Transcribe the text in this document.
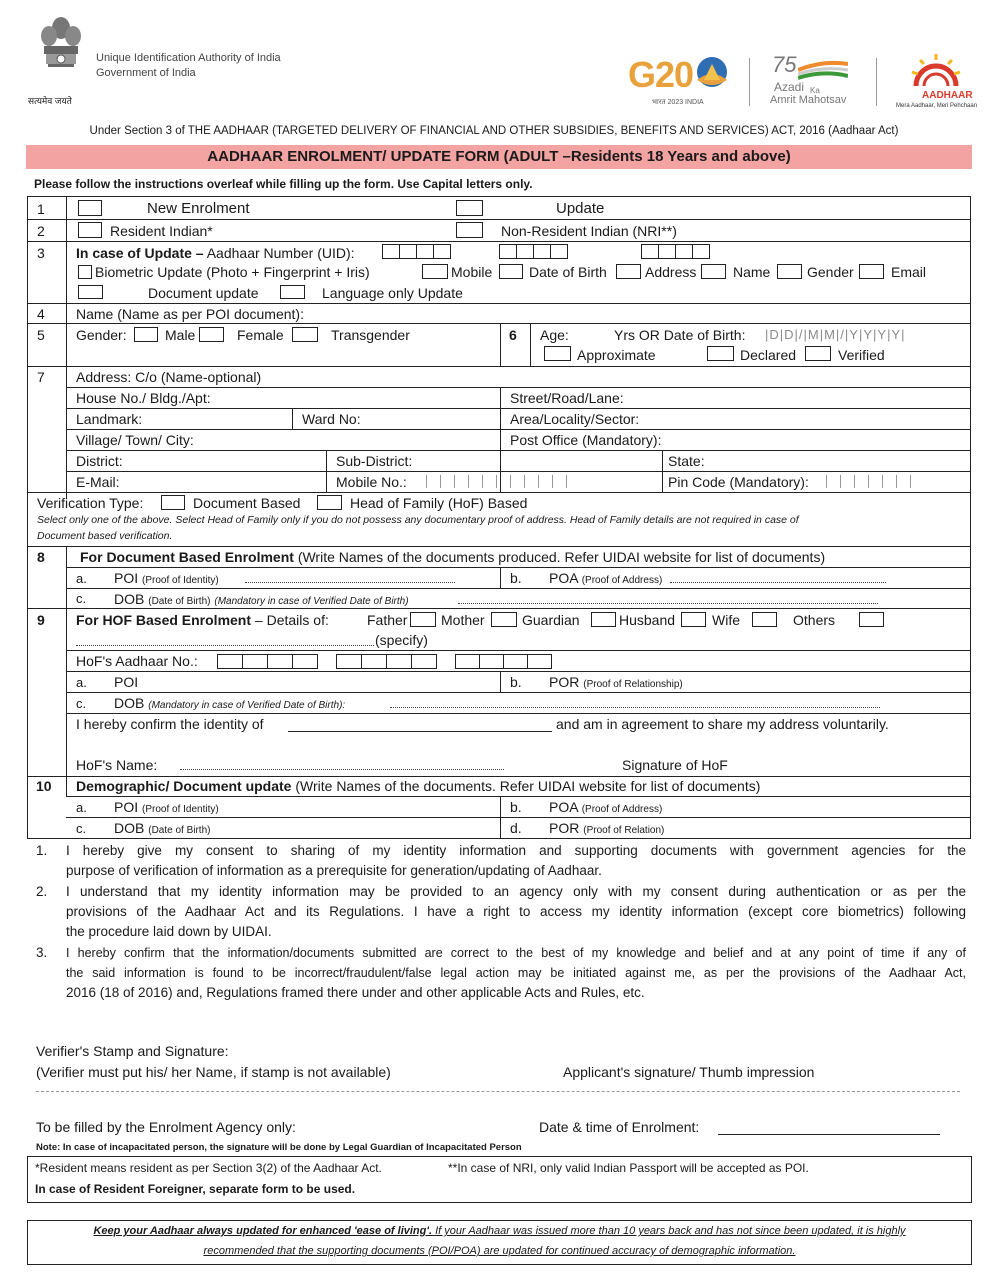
सत्यमेव जयते
Unique Identification Authority of India
Government of India	G20
भारत 2023 INDIA
75
Azadi Ka
Amrit Mahotsav	AADHAAR
Mera Aadhaar, Meri Pehchaan
Under Section 3 of THE AADHAAR (TARGETED DELIVERY OF FINANCIAL AND OTHER SUBSIDIES, BENEFITS AND SERVICES) ACT, 2016 (Aadhaar Act)
AADHAAR ENROLMENT/ UPDATE FORM (ADULT –Residents 18 Years and above)
Please follow the instructions overleaf while filling up the form. Use Capital letters only.
1	New Enrolment	Update
2	Resident Indian*	Non-Resident Indian (NRI**)
3 In case of Update – Aadhaar Number (UID):
Biometric Update (Photo + Fingerprint + Iris)	Mobile	Date of Birth	Address	Name	Gender	Email
Document update	Language only Update
4 Name (Name as per POI document):
5 Gender:	Male	Female	Transgender	6 Age:	Yrs OR Date of Birth: |D|D|/|M|M|/|Y|Y|Y|Y|
Approximate	Declared	Verified
7 Address: C/o (Name-optional)
House No./ Bldg./Apt:	Street/Road/Lane:
Landmark:	Ward No:	Area/Locality/Sector:
Village/ Town/ City:	Post Office (Mandatory):
District:	Sub-District:	State:
E-Mail:	Mobile No.:	Pin Code (Mandatory):
Verification Type:	Document Based	Head of Family (HoF) Based
Select only one of the above. Select Head of Family only if you do not possess any documentary proof of address. Head of Family details are not required in case of
Document based verification.
8	For Document Based Enrolment (Write Names of the documents produced. Refer UIDAI website for list of documents)
a. POI (Proof of Identity)	b. POA (Proof of Address)
c. DOB (Date of Birth) (Mandatory in case of Verified Date of Birth)
9 For HOF Based Enrolment – Details of:	Father Mother	Guardian	Husband	Wife	Others
(specify)
HoF's Aadhaar No.:
a. POI	b. POR (Proof of Relationship)
c. DOB (Mandatory in case of Verified Date of Birth):
I hereby confirm the identity of	and am in agreement to share my address voluntarily.
HoF's Name:	Signature of HoF
10 Demographic/ Document update (Write Names of the documents. Refer UIDAI website for list of documents)
a. POI (Proof of Identity)	b. POA (Proof of Address)
c. DOB (Date of Birth)	d. POR (Proof of Relation)
1.	I hereby give my consent to sharing of my identity information and supporting documents with government agencies for the
purpose of verification of information as a prerequisite for generation/updating of Aadhaar.
2.	I understand that my identity information may be provided to an agency only with my consent during authentication or as per the
provisions of the Aadhaar Act and its Regulations. I have a right to access my identity information (except core biometrics) following
the procedure laid down by UIDAI.
3.	I hereby confirm that the information/documents submitted are correct to the best of my knowledge and belief and at any point of time if any of
the said information is found to be incorrect/fraudulent/false legal action may be initiated against me, as per the provisions of the Aadhaar Act,
2016 (18 of 2016) and, Regulations framed there under and other applicable Acts and Rules, etc.
Verifier's Stamp and Signature:
(Verifier must put his/ her Name, if stamp is not available)	Applicant's signature/ Thumb impression
To be filled by the Enrolment Agency only:	Date & time of Enrolment:
Note: In case of incapacitated person, the signature will be done by Legal Guardian of Incapacitated Person
*Resident means resident as per Section 3(2) of the Aadhaar Act.	**In case of NRI, only valid Indian Passport will be accepted as POI.
In case of Resident Foreigner, separate form to be used.
Keep your Aadhaar always updated for enhanced 'ease of living'. If your Aadhaar was issued more than 10 years back and has not since been updated, it is highly
recommended that the supporting documents (POI/POA) are updated for continued accuracy of demographic information.
